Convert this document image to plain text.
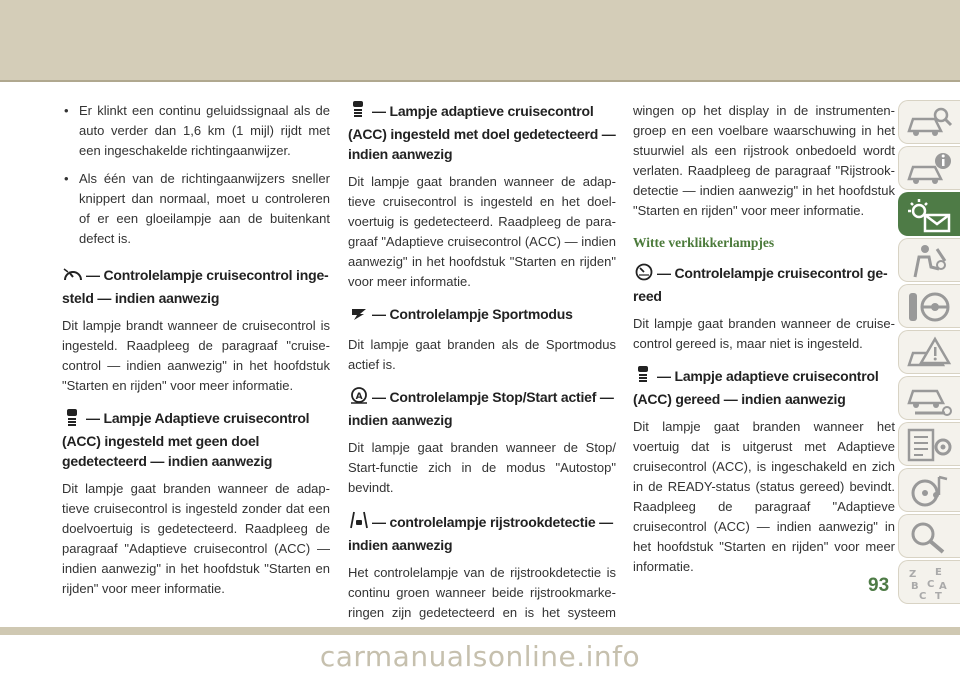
• Er klinkt een continu geluidssignaal als de auto verder dan 1,6 km (1 mijl) rijdt met een ingeschakelde richtingaanwijzer.
• Als één van de richtingaanwijzers sneller knippert dan normaal, moet u controleren of er een gloeilampje aan de buitenkant defect is.
— Controlelampje cruisecontrol ingesteld — indien aanwezig

Dit lampje brandt wanneer de cruisecontrol is ingesteld. Raadpleeg de paragraaf "cruisecontrol — indien aanwezig" in het hoofdstuk "Starten en rijden" voor meer informatie.

— Lampje Adaptieve cruisecontrol (ACC) ingesteld met geen doel gedetecteerd — indien aanwezig

Dit lampje gaat branden wanneer de adaptieve cruisecontrol is ingesteld zonder dat een doelvoertuig is gedetecteerd. Raadpleeg de paragraaf "Adaptieve cruisecontrol (ACC) — indien aanwezig" in het hoofdstuk "Starten en rijden" voor meer informatie.

— Lampje adaptieve cruisecontrol (ACC) ingesteld met doel gedetecteerd — indien aanwezig

Dit lampje gaat branden wanneer de adaptieve cruisecontrol is ingesteld en het doelvoertuig is gedetecteerd. Raadpleeg de paragraaf "Adaptieve cruisecontrol (ACC) — indien aanwezig" in het hoofdstuk "Starten en rijden" voor meer informatie.

— Controlelampje Sportmodus

Dit lampje gaat branden als de Sportmodus actief is.

A — Controlelampje Stop/Start actief — indien aanwezig

Dit lampje gaat branden wanneer de Stop/ Start-functie zich in de modus "Autostop" bevindt.

— controlelampje rijstrookdetectie — indien aanwezig

Het controlelampje van de rijstrookdetectie is continu groen wanneer beide rijstrookmarkeringen zijn gedetecteerd en is het systeem

wingen op het display in de instrumentengroep en een voelbare waarschuwing in het stuurwiel als een rijstrook onbedoeld wordt verlaten. Raadpleeg de paragraaf "Rijstrookdetectie — indien aanwezig" in het hoofdstuk "Starten en rijden" voor meer informatie.

Witte verklikkerlampjes
— Controlelampje cruisecontrol gereed

Dit lampje gaat branden wanneer de cruisecontrol gereed is, maar niet is ingesteld.

— Lampje adaptieve cruisecontrol (ACC) gereed — indien aanwezig

Dit lampje gaat branden wanneer het voertuig dat is uitgerust met Adaptieve cruisecontrol (ACC), is ingeschakeld en zich in de READY-status (status gereed) bevindt. Raadpleeg de paragraaf "Adaptieve cruisecontrol (ACC) — indien aanwezig" in het hoofdstuk "Starten en rijden" voor meer informatie.

Z E
B C A
C T
93
carmanualsonline.info
